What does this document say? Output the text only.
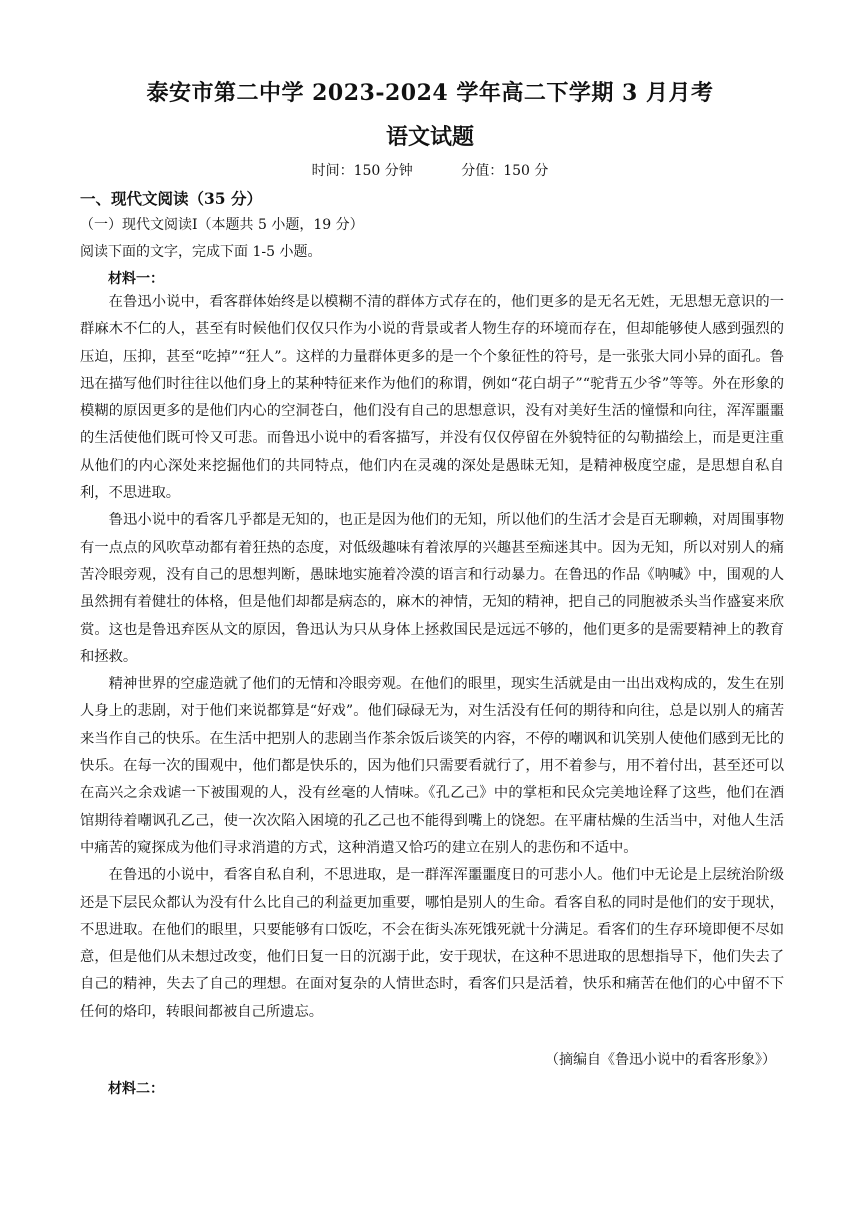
泰安市第二中学 2023-2024 学年高二下学期 3 月月考
语文试题
时间：150 分钟	分值：150 分
一、现代文阅读（35 分）
（一）现代文阅读Ⅰ（本题共 5 小题，19 分）
阅读下面的文字，完成下面 1-5 小题。
材料一：

在鲁迅小说中，看客群体始终是以模糊不清的群体方式存在的，他们更多的是无名无姓，无思想无意识的一群麻木不仁的人，甚至有时候他们仅仅只作为小说的背景或者人物生存的环境而存在，但却能够使人感到强烈的压迫，压抑，甚至“吃掉”“狂人”。这样的力量群体更多的是一个个象征性的符号，是一张张大同小异的面孔。鲁迅在描写他们时往往以他们身上的某种特征来作为他们的称谓，例如“花白胡子”“驼背五少爷”等等。外在形象的模糊的原因更多的是他们内心的空洞苍白，他们没有自己的思想意识，没有对美好生活的憧憬和向往，浑浑噩噩的生活使他们既可怜又可悲。而鲁迅小说中的看客描写，并没有仅仅停留在外貌特征的勾勒描绘上，而是更注重从他们的内心深处来挖掘他们的共同特点，他们内在灵魂的深处是愚昧无知，是精神极度空虚，是思想自私自利，不思进取。

鲁迅小说中的看客几乎都是无知的，也正是因为他们的无知，所以他们的生活才会是百无聊赖，对周围事物有一点点的风吹草动都有着狂热的态度，对低级趣味有着浓厚的兴趣甚至痴迷其中。因为无知，所以对别人的痛苦冷眼旁观，没有自己的思想判断，愚昧地实施着冷漠的语言和行动暴力。在鲁迅的作品《呐喊》中，围观的人虽然拥有着健壮的体格，但是他们却都是病态的，麻木的神情，无知的精神，把自己的同胞被杀头当作盛宴来欣赏。这也是鲁迅弃医从文的原因，鲁迅认为只从身体上拯救国民是远远不够的，他们更多的是需要精神上的教育和拯救。

精神世界的空虚造就了他们的无情和冷眼旁观。在他们的眼里，现实生活就是由一出出戏构成的，发生在别人身上的悲剧，对于他们来说都算是“好戏”。他们碌碌无为，对生活没有任何的期待和向往，总是以别人的痛苦来当作自己的快乐。在生活中把别人的悲剧当作茶余饭后谈笑的内容，不停的嘲讽和讥笑别人使他们感到无比的快乐。在每一次的围观中，他们都是快乐的，因为他们只需要看就行了，用不着参与，用不着付出，甚至还可以在高兴之余戏谑一下被围观的人，没有丝毫的人情味。《孔乙己》中的掌柜和民众完美地诠释了这些，他们在酒馆期待着嘲讽孔乙己，使一次次陷入困境的孔乙己也不能得到嘴上的饶恕。在平庸枯燥的生活当中，对他人生活中痛苦的窥探成为他们寻求消遣的方式，这种消遣又恰巧的建立在别人的悲伤和不适中。

在鲁迅的小说中，看客自私自利，不思进取，是一群浑浑噩噩度日的可悲小人。他们中无论是上层统治阶级还是下层民众都认为没有什么比自己的利益更加重要，哪怕是别人的生命。看客自私的同时是他们的安于现状，不思进取。在他们的眼里，只要能够有口饭吃，不会在街头冻死饿死就十分满足。看客们的生存环境即便不尽如意，但是他们从未想过改变，他们日复一日的沉溺于此，安于现状，在这种不思进取的思想指导下，他们失去了自己的精神，失去了自己的理想。在面对复杂的人情世态时，看客们只是活着，快乐和痛苦在他们的心中留不下任何的烙印，转眼间都被自己所遗忘。

（摘编自《鲁迅小说中的看客形象》）
材料二：
